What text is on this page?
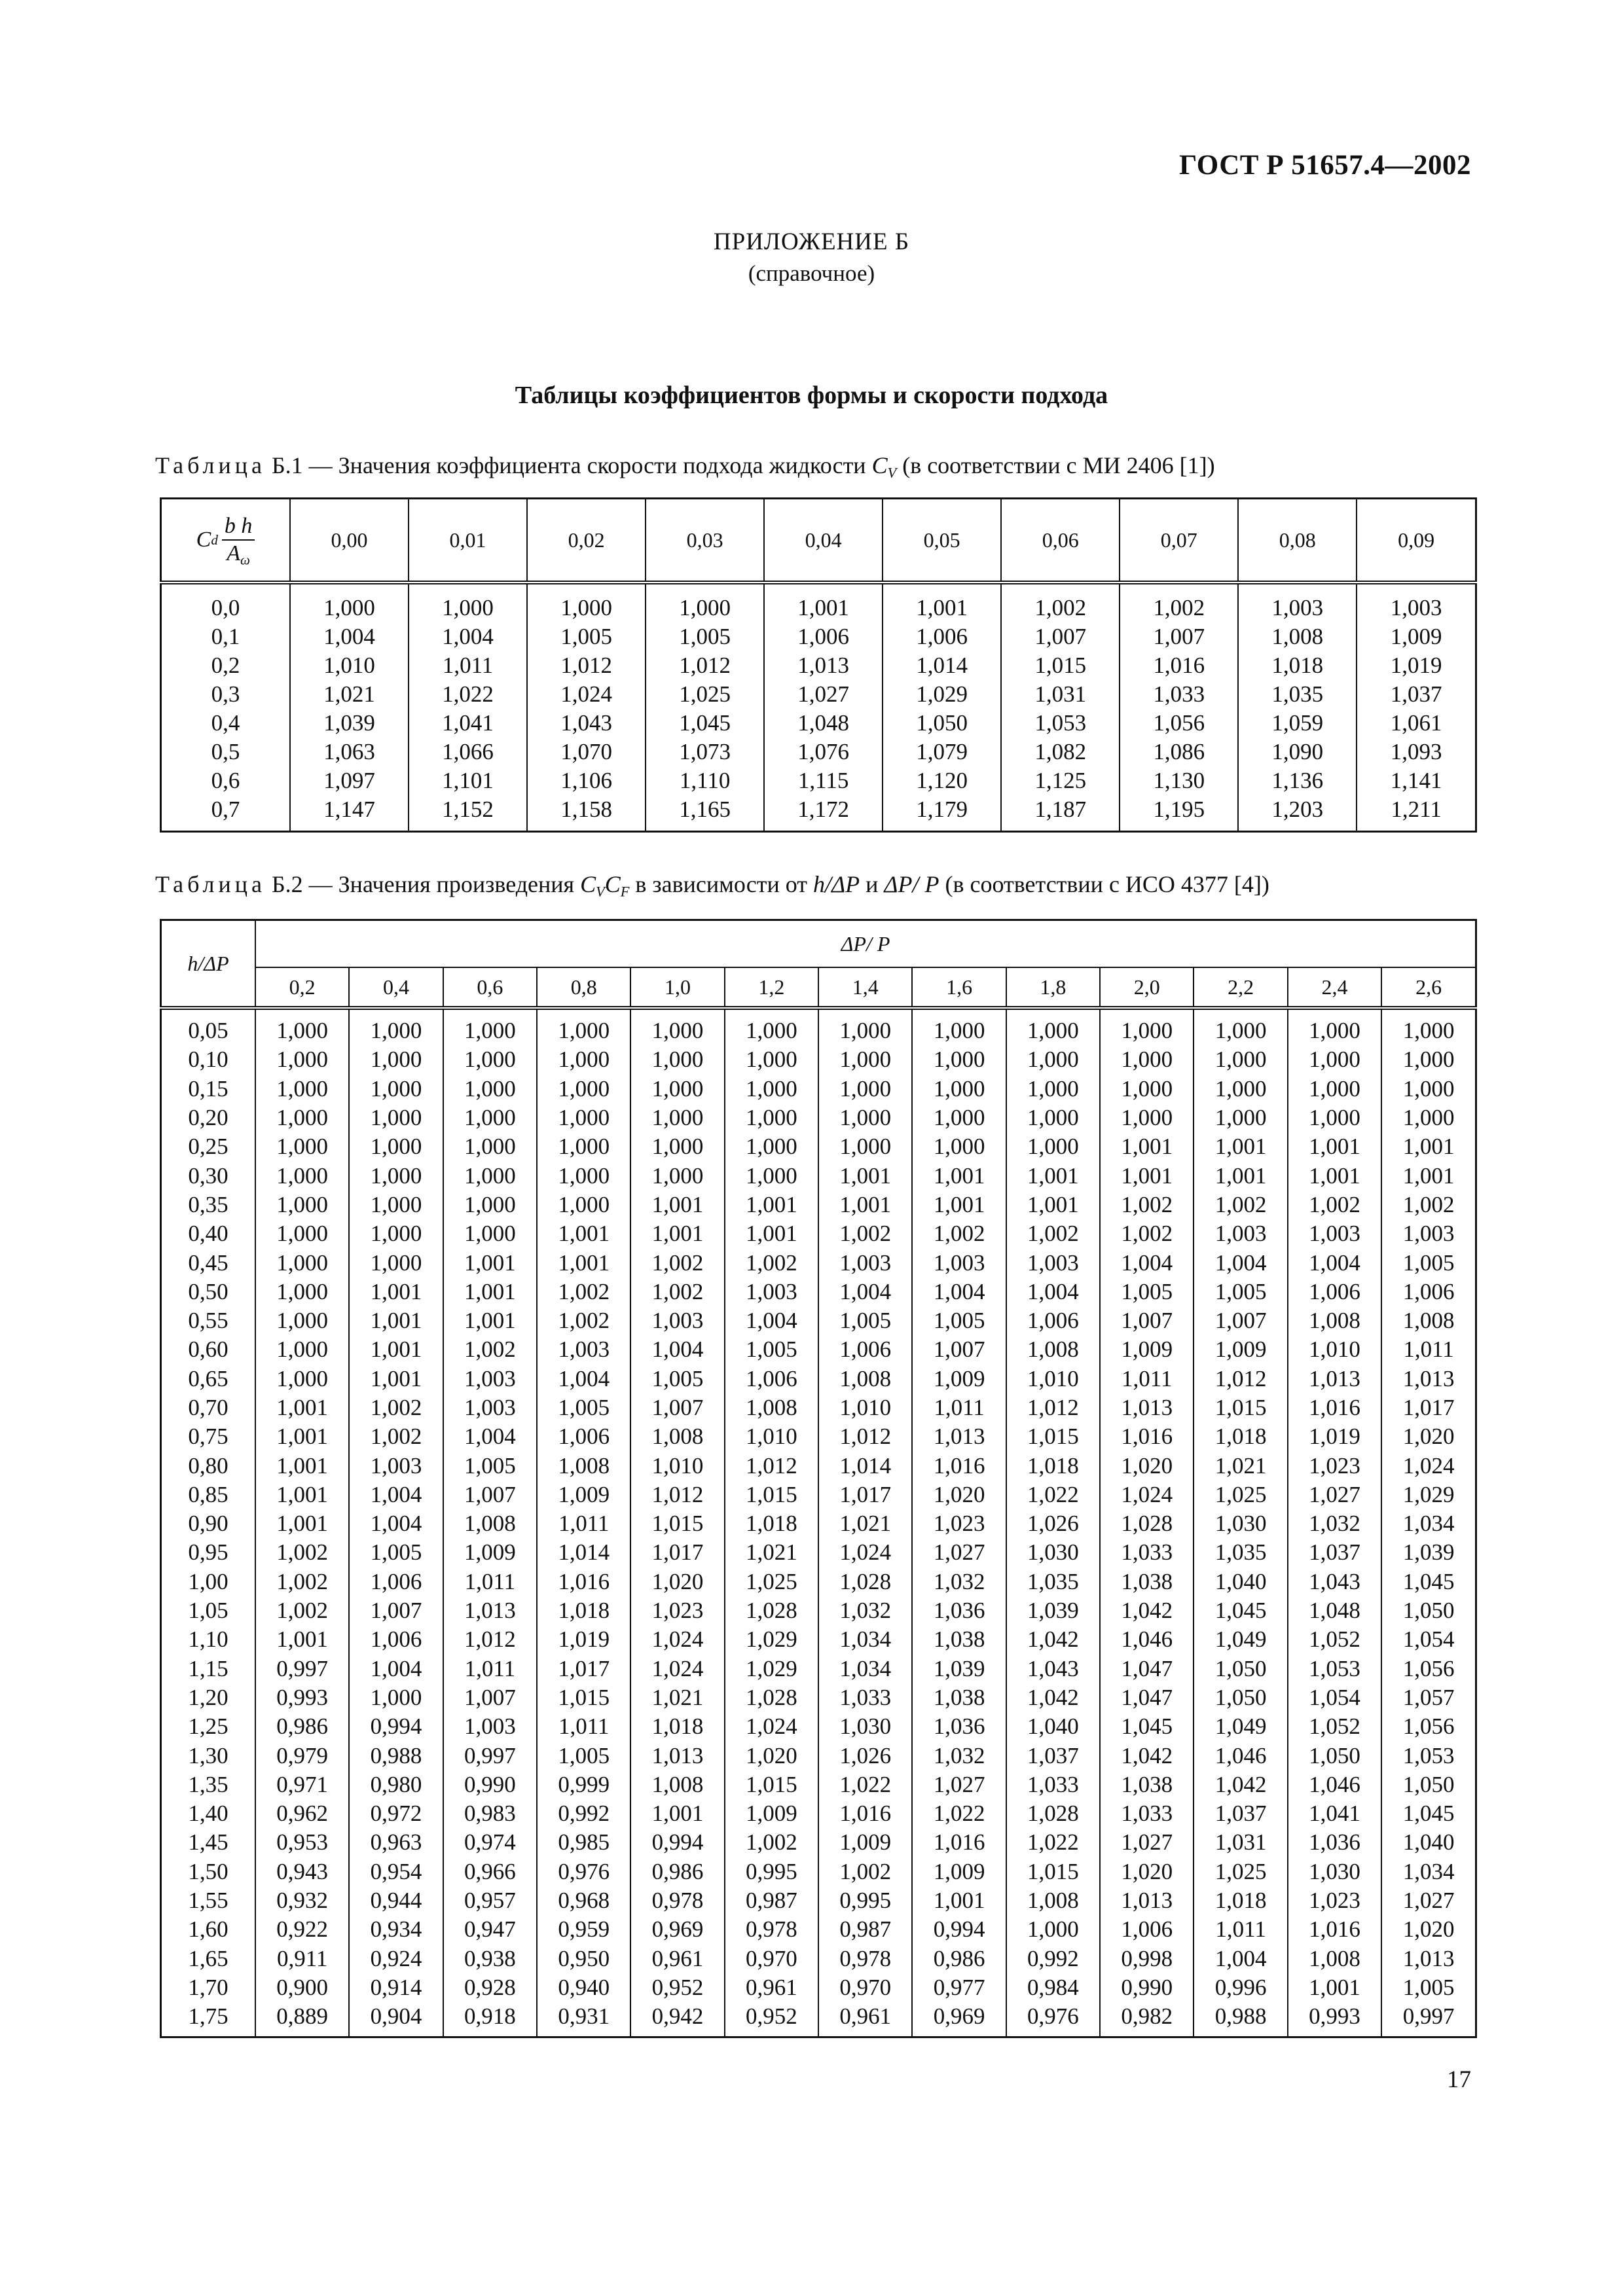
ГОСТ Р 51657.4—2002
ПРИЛОЖЕНИЕ Б
(справочное)
Таблицы коэффициентов формы и скорости подхода
Таблица Б.1 — Значения коэффициента скорости подхода жидкости $C_V$ (в соответствии с МИ 2406 [1])
C d $\frac{\text{b h}}{A_\omega}$	0,00	0,01	0,02	0,03	0,04	0,05	0,06	0,07	0,08	0,09
0,0	1,000	1,000	1,000	1,000	1,001	1,001	1,002	1,002	1,003	1,003
0,1	1,004	1,004	1,005	1,005	1,006	1,006	1,007	1,007	1,008	1,009
0,2	1,010	1,011	1,012	1,012	1,013	1,014	1,015	1,016	1,018	1,019
0,3	1,021	1,022	1,024	1,025	1,027	1,029	1,031	1,033	1,035	1,037
0,4	1,039	1,041	1,043	1,045	1,048	1,050	1,053	1,056	1,059	1,061
0,5	1,063	1,066	1,070	1,073	1,076	1,079	1,082	1,086	1,090	1,093
0,6	1,097	1,101	1,106	1,110	1,115	1,120	1,125	1,130	1,136	1,141
0,7	1,147	1,152	1,158	1,165	1,172	1,179	1,187	1,195	1,203	1,211
Таблица Б.2 — Значения произведения $C_VC_F$ в зависимости от h/ΔP и ΔP/ P (в соответствии с ИСО 4377 [4])
h/ΔP	ΔP/ P												
	0,2	0,4	0,6	0,8	1,0	1,2	1,4	1,6	1,8	2,0	2,2	2,4	2,6
0,05	1,000	1,000	1,000	1,000	1,000	1,000	1,000	1,000	1,000	1,000	1,000	1,000	1,000
0,10	1,000	1,000	1,000	1,000	1,000	1,000	1,000	1,000	1,000	1,000	1,000	1,000	1,000
0,15	1,000	1,000	1,000	1,000	1,000	1,000	1,000	1,000	1,000	1,000	1,000	1,000	1,000
0,20	1,000	1,000	1,000	1,000	1,000	1,000	1,000	1,000	1,000	1,000	1,000	1,000	1,000
0,25	1,000	1,000	1,000	1,000	1,000	1,000	1,000	1,000	1,000	1,001	1,001	1,001	1,001
0,30	1,000	1,000	1,000	1,000	1,000	1,000	1,001	1,001	1,001	1,001	1,001	1,001	1,001
0,35	1,000	1,000	1,000	1,000	1,001	1,001	1,001	1,001	1,001	1,002	1,002	1,002	1,002
0,40	1,000	1,000	1,000	1,001	1,001	1,001	1,002	1,002	1,002	1,002	1,003	1,003	1,003
0,45	1,000	1,000	1,001	1,001	1,002	1,002	1,003	1,003	1,003	1,004	1,004	1,004	1,005
0,50	1,000	1,001	1,001	1,002	1,002	1,003	1,004	1,004	1,004	1,005	1,005	1,006	1,006
0,55	1,000	1,001	1,001	1,002	1,003	1,004	1,005	1,005	1,006	1,007	1,007	1,008	1,008
0,60	1,000	1,001	1,002	1,003	1,004	1,005	1,006	1,007	1,008	1,009	1,009	1,010	1,011
0,65	1,000	1,001	1,003	1,004	1,005	1,006	1,008	1,009	1,010	1,011	1,012	1,013	1,013
0,70	1,001	1,002	1,003	1,005	1,007	1,008	1,010	1,011	1,012	1,013	1,015	1,016	1,017
0,75	1,001	1,002	1,004	1,006	1,008	1,010	1,012	1,013	1,015	1,016	1,018	1,019	1,020
0,80	1,001	1,003	1,005	1,008	1,010	1,012	1,014	1,016	1,018	1,020	1,021	1,023	1,024
0,85	1,001	1,004	1,007	1,009	1,012	1,015	1,017	1,020	1,022	1,024	1,025	1,027	1,029
0,90	1,001	1,004	1,008	1,011	1,015	1,018	1,021	1,023	1,026	1,028	1,030	1,032	1,034
0,95	1,002	1,005	1,009	1,014	1,017	1,021	1,024	1,027	1,030	1,033	1,035	1,037	1,039
1,00	1,002	1,006	1,011	1,016	1,020	1,025	1,028	1,032	1,035	1,038	1,040	1,043	1,045
1,05	1,002	1,007	1,013	1,018	1,023	1,028	1,032	1,036	1,039	1,042	1,045	1,048	1,050
1,10	1,001	1,006	1,012	1,019	1,024	1,029	1,034	1,038	1,042	1,046	1,049	1,052	1,054
1,15	0,997	1,004	1,011	1,017	1,024	1,029	1,034	1,039	1,043	1,047	1,050	1,053	1,056
1,20	0,993	1,000	1,007	1,015	1,021	1,028	1,033	1,038	1,042	1,047	1,050	1,054	1,057
1,25	0,986	0,994	1,003	1,011	1,018	1,024	1,030	1,036	1,040	1,045	1,049	1,052	1,056
1,30	0,979	0,988	0,997	1,005	1,013	1,020	1,026	1,032	1,037	1,042	1,046	1,050	1,053
1,35	0,971	0,980	0,990	0,999	1,008	1,015	1,022	1,027	1,033	1,038	1,042	1,046	1,050
1,40	0,962	0,972	0,983	0,992	1,001	1,009	1,016	1,022	1,028	1,033	1,037	1,041	1,045
1,45	0,953	0,963	0,974	0,985	0,994	1,002	1,009	1,016	1,022	1,027	1,031	1,036	1,040
1,50	0,943	0,954	0,966	0,976	0,986	0,995	1,002	1,009	1,015	1,020	1,025	1,030	1,034
1,55	0,932	0,944	0,957	0,968	0,978	0,987	0,995	1,001	1,008	1,013	1,018	1,023	1,027
1,60	0,922	0,934	0,947	0,959	0,969	0,978	0,987	0,994	1,000	1,006	1,011	1,016	1,020
1,65	0,911	0,924	0,938	0,950	0,961	0,970	0,978	0,986	0,992	0,998	1,004	1,008	1,013
1,70	0,900	0,914	0,928	0,940	0,952	0,961	0,970	0,977	0,984	0,990	0,996	1,001	1,005
1,75	0,889	0,904	0,918	0,931	0,942	0,952	0,961	0,969	0,976	0,982	0,988	0,993	0,997
17
